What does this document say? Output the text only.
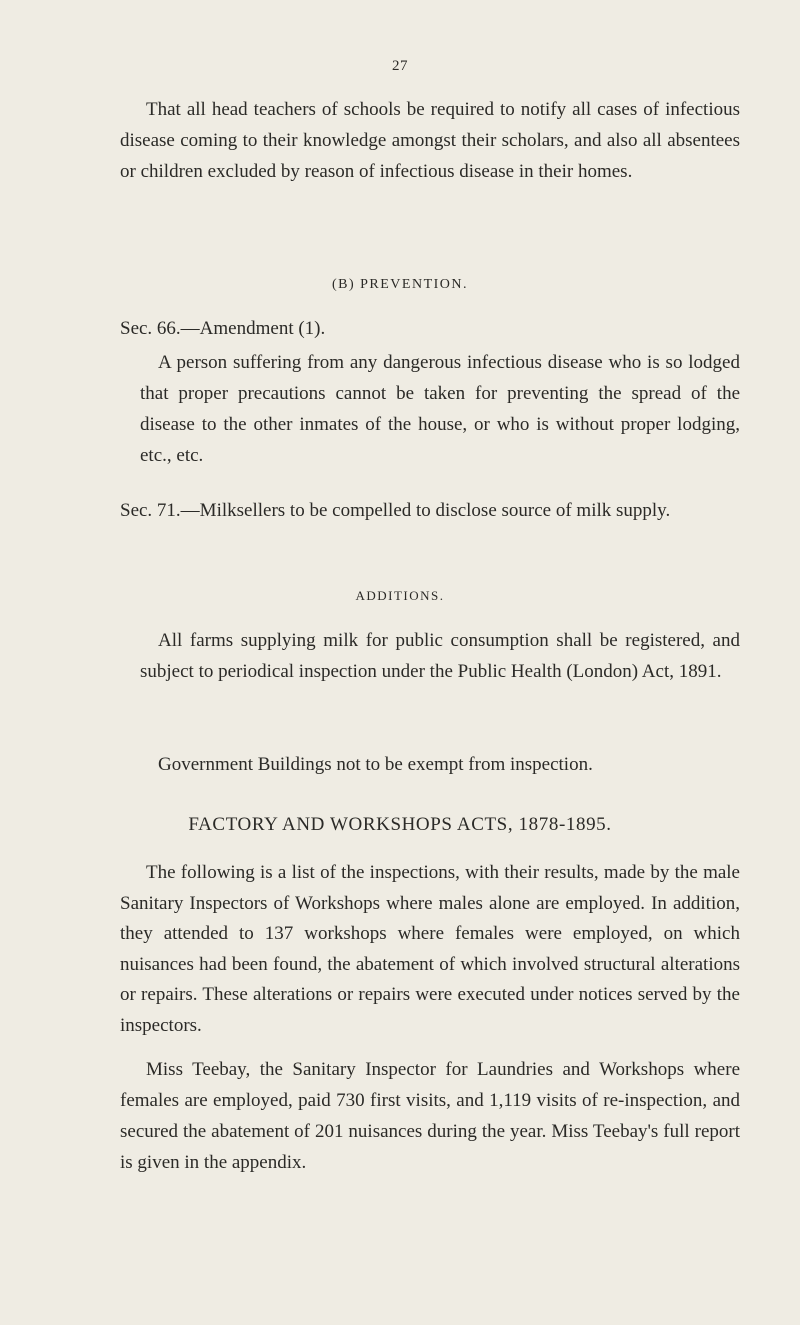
27

That all head teachers of schools be required to notify all cases of infectious disease coming to their knowledge amongst their scholars, and also all absentees or children excluded by reason of infectious disease in their homes.

(B) PREVENTION.

Sec. 66.—Amendment (1).

A person suffering from any dangerous infectious disease who is so lodged that proper precautions cannot be taken for preventing the spread of the disease to the other inmates of the house, or who is without proper lodging, etc., etc.

Sec. 71.—Milksellers to be compelled to disclose source of milk supply.

ADDITIONS.

All farms supplying milk for public consumption shall be registered, and subject to periodical inspection under the Public Health (London) Act, 1891.

Government Buildings not to be exempt from inspection.

FACTORY AND WORKSHOPS ACTS, 1878-1895.

The following is a list of the inspections, with their results, made by the male Sanitary Inspectors of Workshops where males alone are employed. In addition, they attended to 137 workshops where females were employed, on which nuisances had been found, the abatement of which involved structural alterations or repairs. These alterations or repairs were executed under notices served by the inspectors.

Miss Teebay, the Sanitary Inspector for Laundries and Workshops where females are employed, paid 730 first visits, and 1,119 visits of re-inspection, and secured the abatement of 201 nuisances during the year. Miss Teebay's full report is given in the appendix.
